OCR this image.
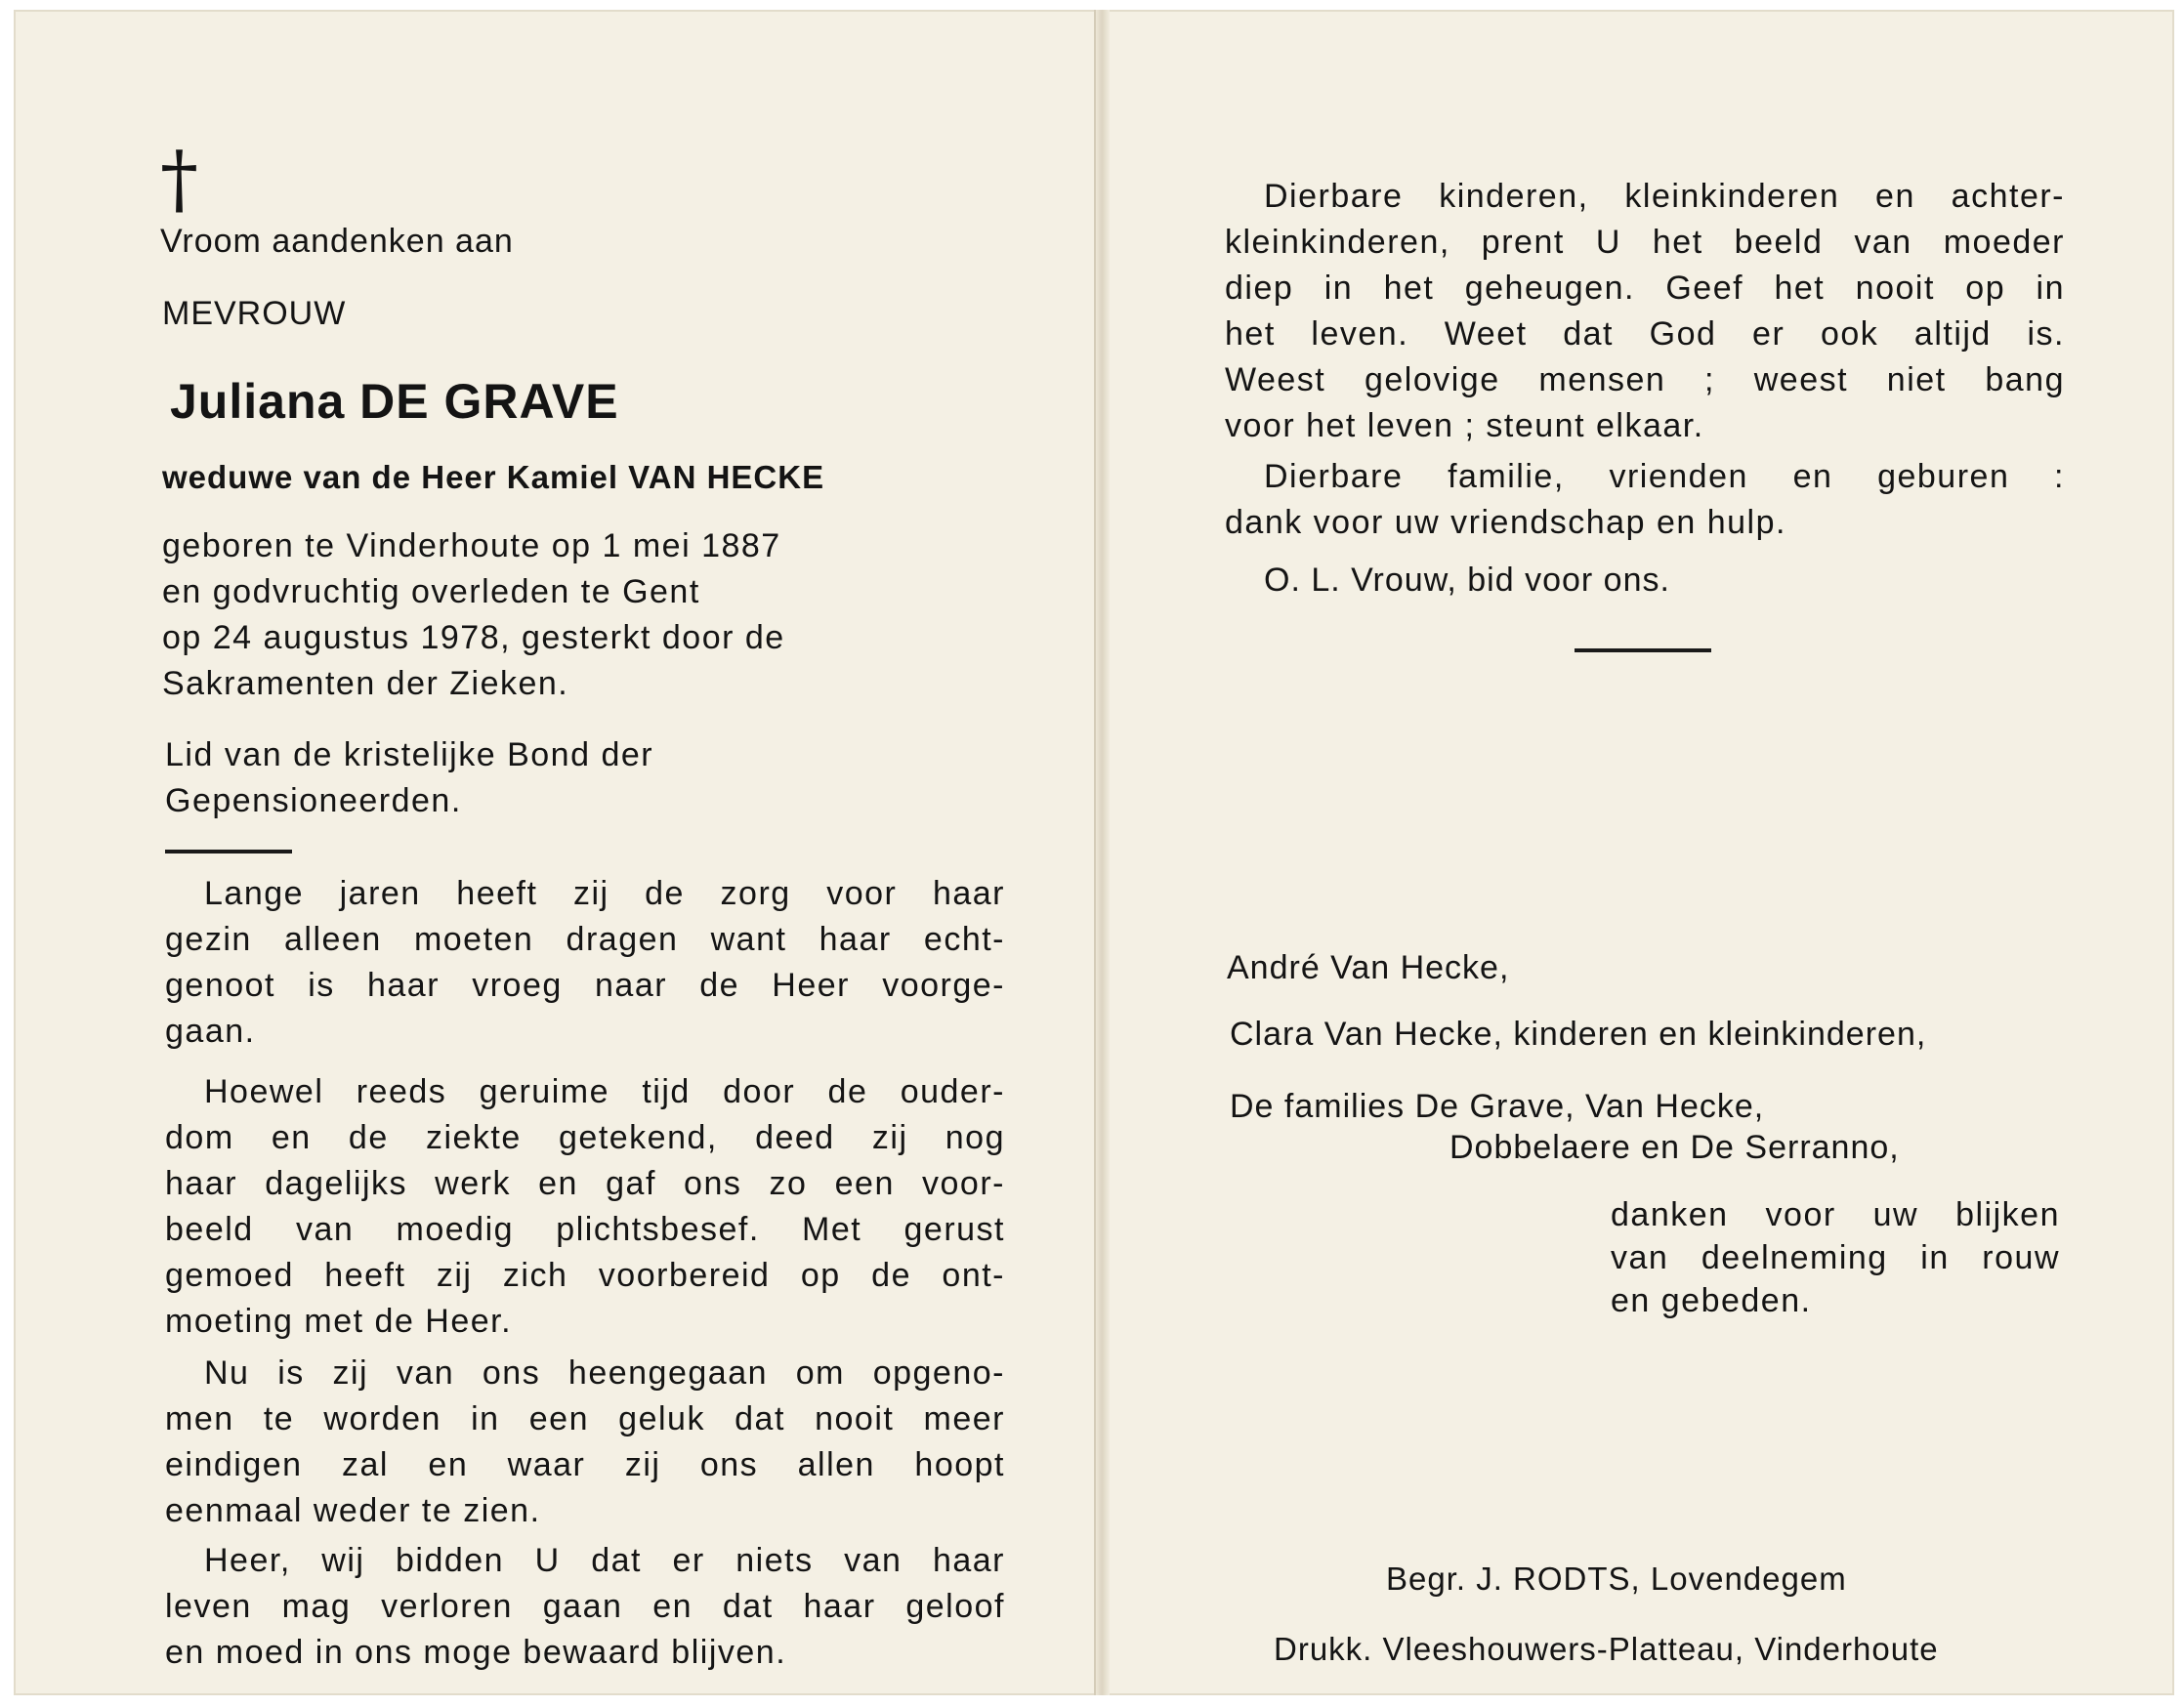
†

Vroom aandenken aan

MEVROUW

Juliana DE GRAVE

weduwe van de Heer Kamiel VAN HECKE

geboren te Vinderhoute op 1 mei 1887
en godvruchtig overleden te Gent
op 24 augustus 1978, gesterkt door de
Sakramenten der Zieken.
Lid van de kristelijke Bond der
Gepensioneerden.
Lange jaren heeft zij de zorg voor haar
gezin alleen moeten dragen want haar echt-
genoot is haar vroeg naar de Heer voorge-
gaan.
Hoewel reeds geruime tijd door de ouder-
dom en de ziekte getekend, deed zij nog
haar dagelijks werk en gaf ons zo een voor-
beeld van moedig plichtsbesef. Met gerust
gemoed heeft zij zich voorbereid op de ont-
moeting met de Heer.
Nu is zij van ons heengegaan om opgeno-
men te worden in een geluk dat nooit meer
eindigen zal en waar zij ons allen hoopt
eenmaal weder te zien.
Heer, wij bidden U dat er niets van haar
leven mag verloren gaan en dat haar geloof
en moed in ons moge bewaard blijven.
Dierbare kinderen, kleinkinderen en achter-
kleinkinderen, prent U het beeld van moeder
diep in het geheugen. Geef het nooit op in
het leven. Weet dat God er ook altijd is.
Weest gelovige mensen ; weest niet bang
voor het leven ; steunt elkaar.
Dierbare familie, vrienden en geburen :
dank voor uw vriendschap en hulp.

O. L. Vrouw, bid voor ons.

André Van Hecke,

Clara Van Hecke, kinderen en kleinkinderen,

De families De Grave, Van Hecke,

Dobbelaere en De Serranno,

danken voor uw blijken
van deelneming in rouw
en gebeden.

Begr. J. RODTS, Lovendegem

Drukk. Vleeshouwers-Platteau, Vinderhoute
